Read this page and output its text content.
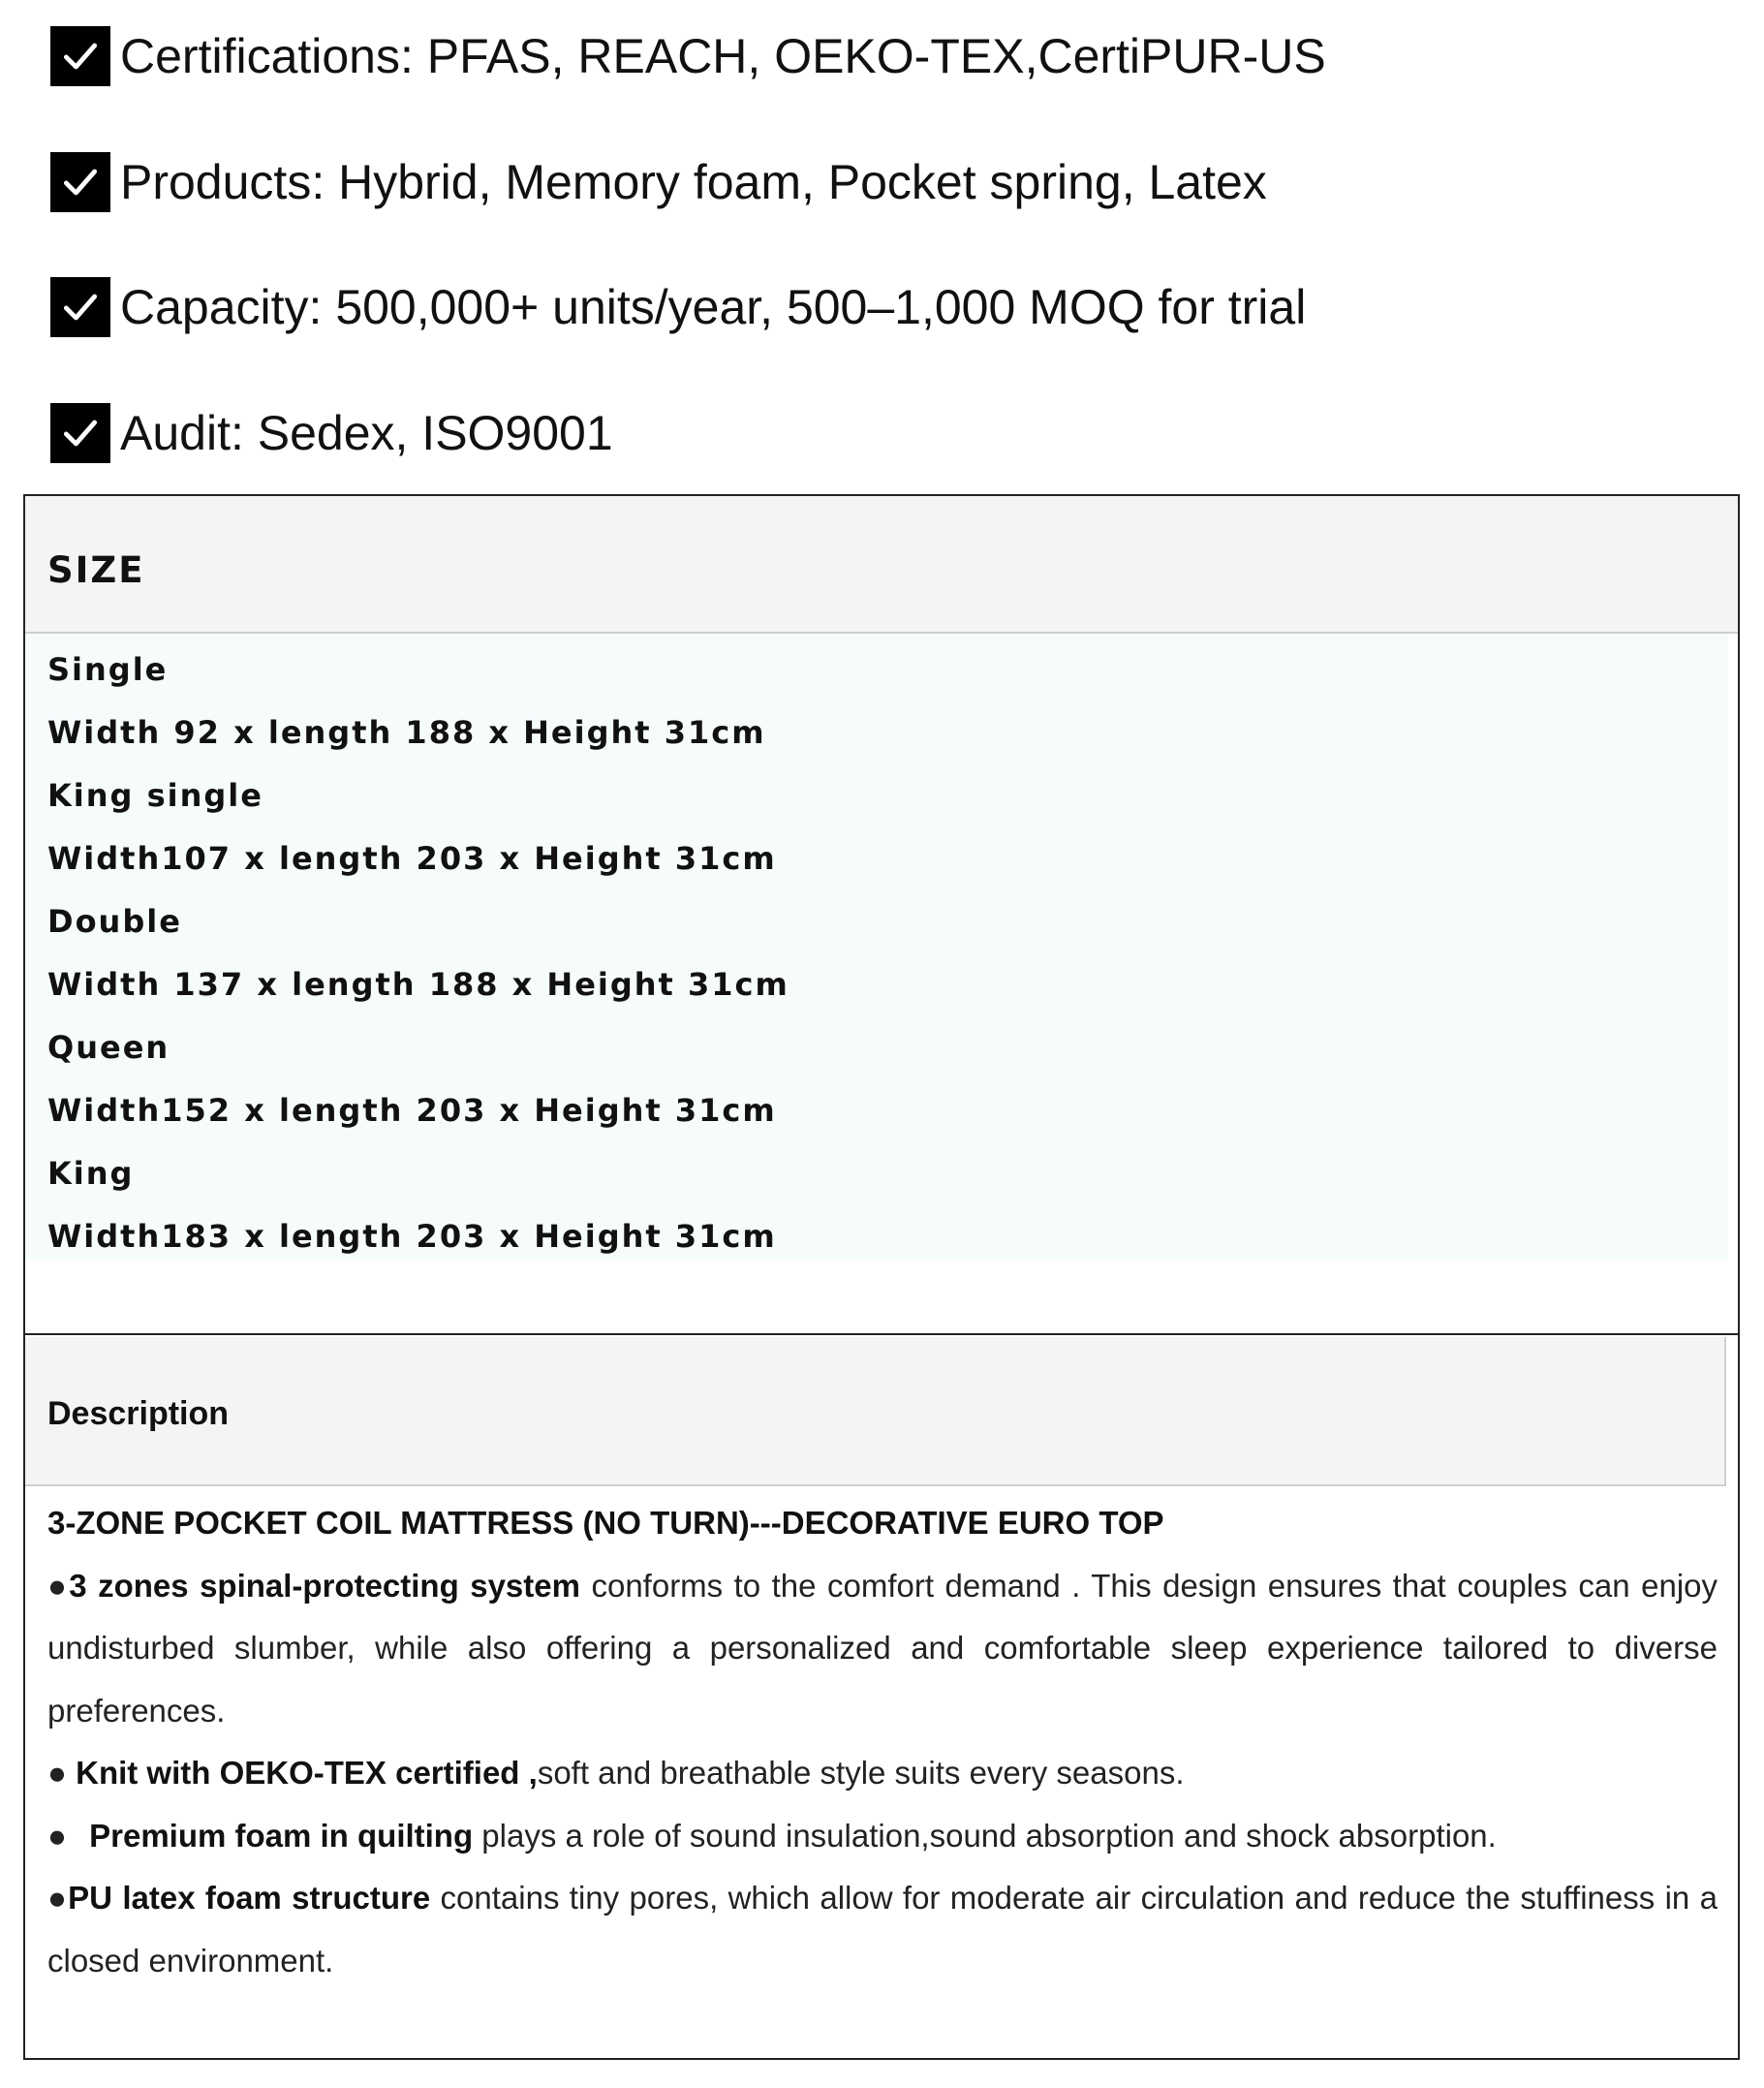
Certifications: PFAS, REACH, OEKO-TEX,CertiPUR-US
Products: Hybrid, Memory foam, Pocket spring, Latex
Capacity: 500,000+ units/year, 500–1,000 MOQ for trial
Audit: Sedex, ISO9001
SIZE
Single
Width 92 x length 188 x Height 31cm
King single
Width107 x length 203 x Height 31cm
Double
Width 137 x length 188 x Height 31cm
Queen
Width152 x length 203 x Height 31cm
King
Width183 x length 203 x Height 31cm
Description

3-ZONE POCKET COIL MATTRESS (NO TURN)---DECORATIVE EURO TOP

●3 zones spinal-protecting system conforms to the comfort demand . This design ensures that couples can enjoy undisturbed slumber, while also offering a personalized and comfortable sleep experience tailored to diverse preferences.

● Knit with OEKO-TEX certified ,soft and breathable style suits every seasons.

● Premium foam in quilting plays a role of sound insulation,sound absorption and shock absorption.

●PU latex foam structure contains tiny pores, which allow for moderate air circulation and reduce the stuffiness in a closed environment.
